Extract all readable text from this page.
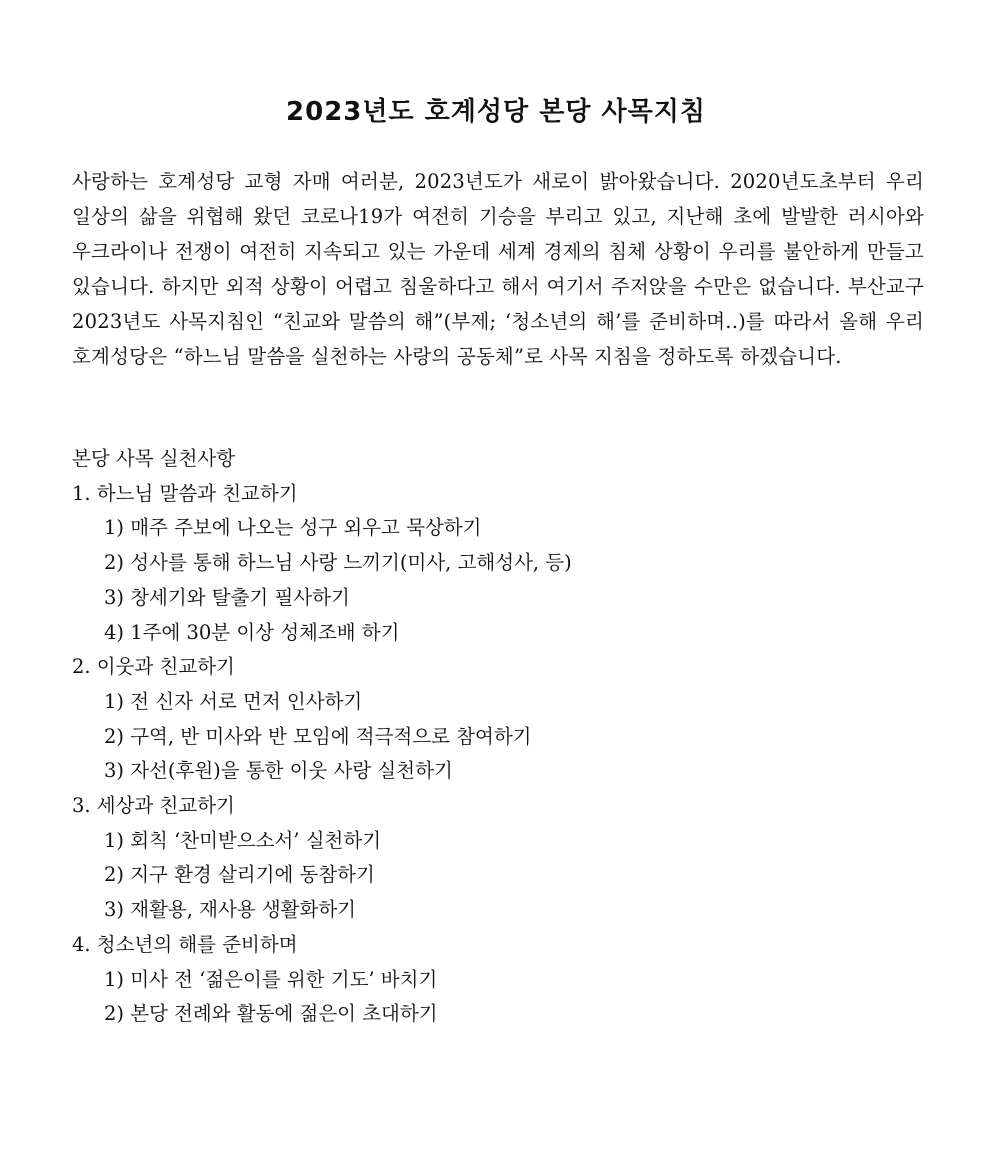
2023년도 호계성당 본당 사목지침

사랑하는 호계성당 교형 자매 여러분, 2023년도가 새로이 밝아왔습니다. 2020년도초부터 우리 일상의 삶을 위협해 왔던 코로나19가 여전히 기승을 부리고 있고, 지난해 초에 발발한 러시아와 우크라이나 전쟁이 여전히 지속되고 있는 가운데 세계 경제의 침체 상황이 우리를 불안하게 만들고 있습니다. 하지만 외적 상황이 어렵고 침울하다고 해서 여기서 주저앉을 수만은 없습니다. 부산교구 2023년도 사목지침인 “친교와 말씀의 해”(부제; ‘청소년의 해’를 준비하며..)를 따라서 올해 우리 호계성당은 “하느님 말씀을 실천하는 사랑의 공동체”로 사목 지침을 정하도록 하겠습니다.

본당 사목 실천사항

1. 하느님 말씀과 친교하기
1) 매주 주보에 나오는 성구 외우고 묵상하기
2) 성사를 통해 하느님 사랑 느끼기(미사, 고해성사, 등)
3) 창세기와 탈출기 필사하기
4) 1주에 30분 이상 성체조배 하기
2. 이웃과 친교하기
1) 전 신자 서로 먼저 인사하기
2) 구역, 반 미사와 반 모임에 적극적으로 참여하기
3) 자선(후원)을 통한 이웃 사랑 실천하기
3. 세상과 친교하기
1) 회칙 ‘찬미받으소서’ 실천하기
2) 지구 환경 살리기에 동참하기
3) 재활용, 재사용 생활화하기
4. 청소년의 해를 준비하며
1) 미사 전 ‘젊은이를 위한 기도’ 바치기
2) 본당 전례와 활동에 젊은이 초대하기
